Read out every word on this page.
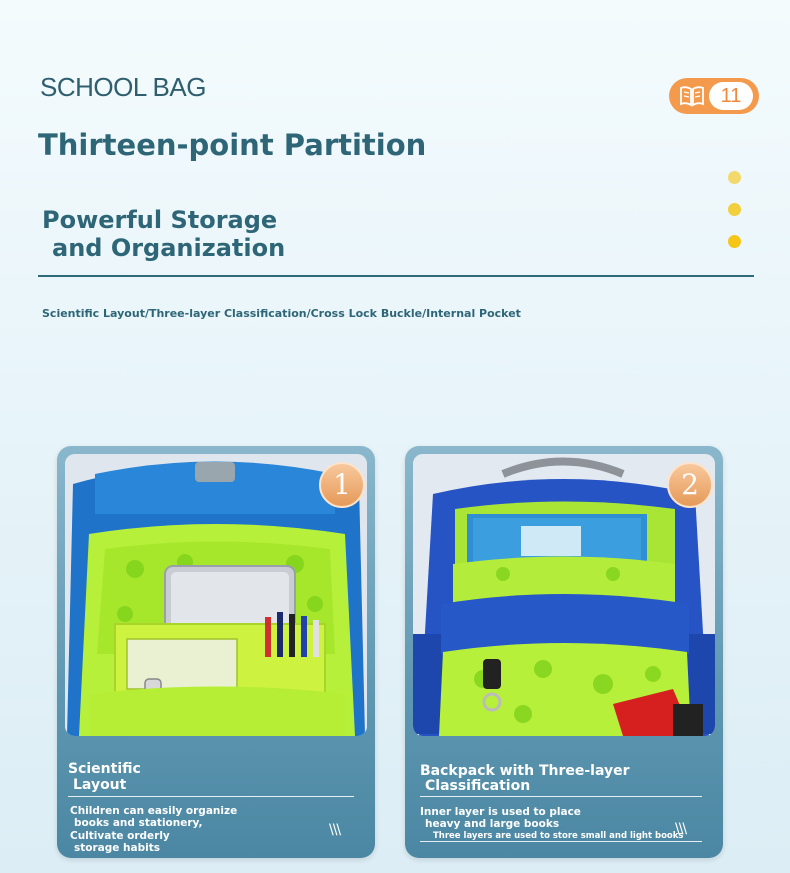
SCHOOL BAG	11
Thirteen-point Partition
Powerful Storage
and Organization
Scientific Layout/Three-layer Classification/Cross Lock Buckle/Internal Pocket
1
Scientific
Layout
Children can easily organize
books and stationery,
Cultivate orderly
storage habits
\\\
2
Backpack with Three-layer
Classification
Inner layer is used to place
heavy and large books
Three layers are used to store small and light books
\\\
